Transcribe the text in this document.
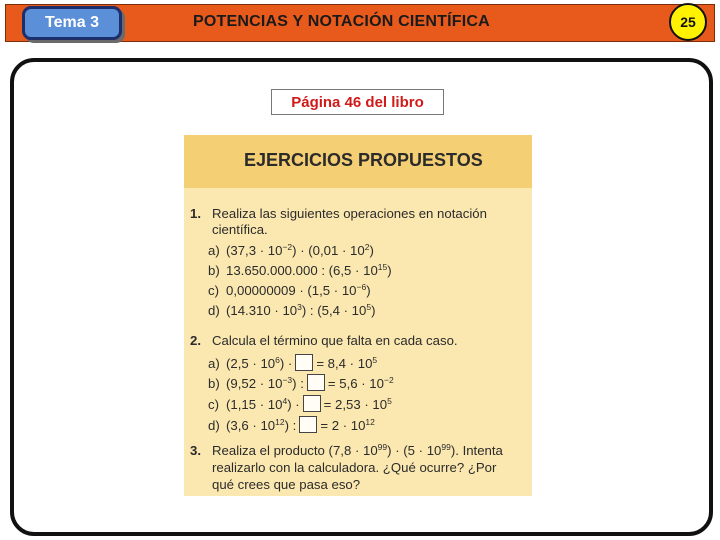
Tema 3	POTENCIAS Y NOTACIÓN CIENTÍFICA	25
Página 46 del libro
EJERCICIOS PROPUESTOS
1. Realiza las siguientes operaciones en notación
científica.
a) $(37,3 \cdot 10^{-2}) \cdot (0,01 \cdot 10^2)$
b) 13.650.000.000 : $(6,5 \cdot 10^{15})$
c) $0,00000009 \cdot (1,5 \cdot 10^{-6})$
d) $(14.310 \cdot 10^3)$ : $(5,4 \cdot 10^5)$
2. Calcula el término que falta en cada caso.
a) $(2,5 \cdot 10^6)$ · = $8,4 \cdot 10^5$
b) $(9,52 \cdot 10^{-3})$ : = $5,6 \cdot 10^{-2}$
c) $(1,15 \cdot 10^4)$ · = $2,53 \cdot 10^5$
d) $(3,6 \cdot 10^{12})$ : = $2 \cdot 10^{12}$
3. Realiza el producto $(7,8 \cdot 10^{99}) \cdot (5 \cdot 10^{99})$. Intenta
realizarlo con la calculadora. ¿Qué ocurre? ¿Por
qué crees que pasa eso?
